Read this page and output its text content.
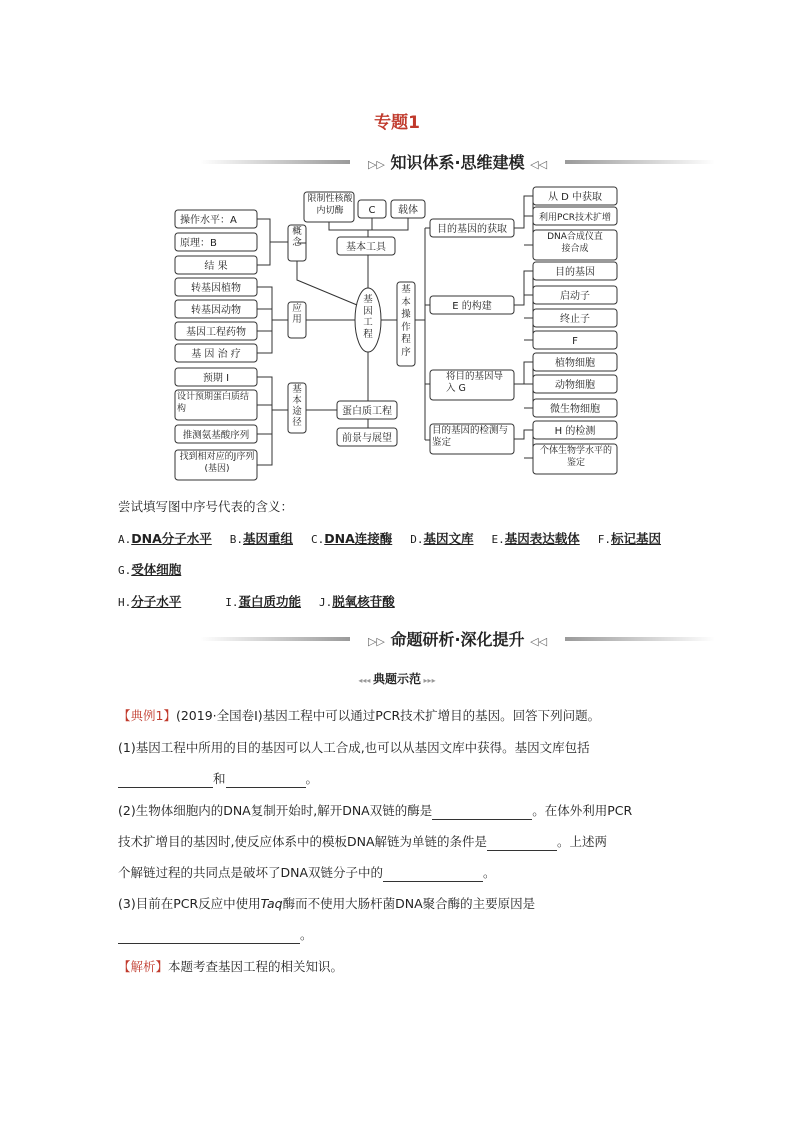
专题1
▷▷ 知识体系·思维建模 ◁◁
操作水平：A
原理：B
结 果
转基因植物
转基因动物
基因工程药物
基 因 治 疗
预期 I
设计预期蛋白质结构
推测氨基酸序列
找到相对应的J序列(基因)
概念
应用
基本途径
基因工程
基本操作程序
限制性核酸内切酶	C 载体
基本工具
蛋白质工程
前景与展望
目的基因的获取
E 的构建
将目的基因导入 G
目的基因的检测与鉴定
从 D 中获取
利用PCR技术扩增
DNA合成仪直接合成
目的基因
启动子
终止子
F
植物细胞
动物细胞
微生物细胞
H 的检测
个体生物学水平的鉴定
尝试填写图中序号代表的含义：
A.DNA分子水平 B.基因重组 C.DNA连接酶 D.基因文库 E.基因表达载体 F.标记基因
G.受体细胞
H.分子水平	I.蛋白质功能 J.脱氧核苷酸
▷▷ 命题研析·深化提升 ◁◁
◂◂◂ 典题示范 ▸▸▸
【典例1】(2019·全国卷Ⅰ)基因工程中可以通过PCR技术扩增目的基因。回答下列问题。
(1)基因工程中所用的目的基因可以人工合成,也可以从基因文库中获得。基因文库包括
和	。
(2)生物体细胞内的DNA复制开始时,解开DNA双链的酶是	。在体外利用PCR
技术扩增目的基因时,使反应体系中的模板DNA解链为单链的条件是	。上述两
个解链过程的共同点是破坏了DNA双链分子中的	。
(3)目前在PCR反应中使用Taq酶而不使用大肠杆菌DNA聚合酶的主要原因是
。
【解析】本题考查基因工程的相关知识。
